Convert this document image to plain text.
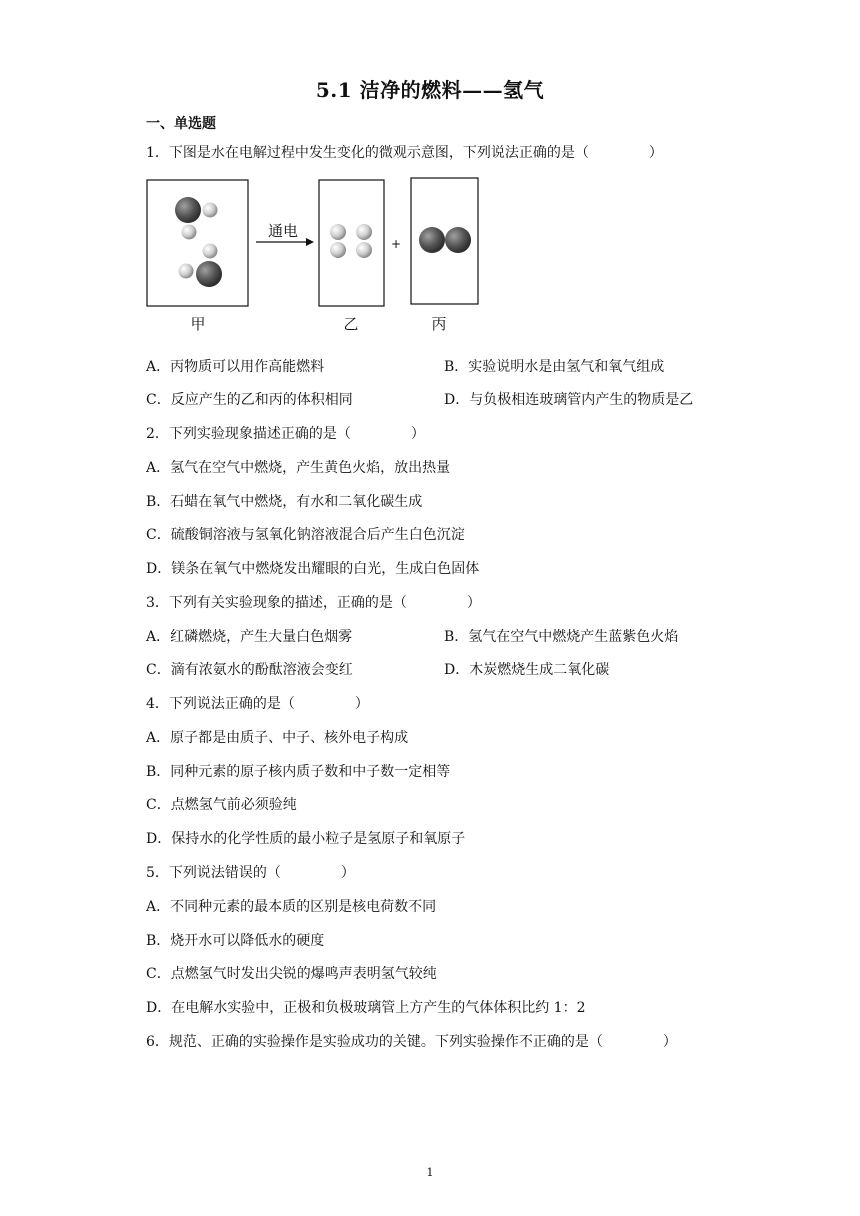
5.1 洁净的燃料——氢气
一、单选题
1．下图是水在电解过程中发生变化的微观示意图，下列说法正确的是（	）
通电
+
甲	乙	丙
A．丙物质可以用作高能燃料	B．实验说明水是由氢气和氧气组成
C．反应产生的乙和丙的体积相同	D．与负极相连玻璃管内产生的物质是乙
2．下列实验现象描述正确的是（	）
A．氢气在空气中燃烧，产生黄色火焰，放出热量
B．石蜡在氧气中燃烧，有水和二氧化碳生成
C．硫酸铜溶液与氢氧化钠溶液混合后产生白色沉淀
D．镁条在氧气中燃烧发出耀眼的白光，生成白色固体
3．下列有关实验现象的描述，正确的是（	）
A．红磷燃烧，产生大量白色烟雾	B．氢气在空气中燃烧产生蓝紫色火焰
C．滴有浓氨水的酚酞溶液会变红	D．木炭燃烧生成二氧化碳
4．下列说法正确的是（	）
A．原子都是由质子、中子、核外电子构成
B．同种元素的原子核内质子数和中子数一定相等
C．点燃氢气前必须验纯
D．保持水的化学性质的最小粒子是氢原子和氧原子
5．下列说法错误的（	）
A．不同种元素的最本质的区别是核电荷数不同
B．烧开水可以降低水的硬度
C．点燃氢气时发出尖锐的爆鸣声表明氢气较纯
D．在电解水实验中，正极和负极玻璃管上方产生的气体体积比约 1：2
6．规范、正确的实验操作是实验成功的关键。下列实验操作不正确的是（	）
1
